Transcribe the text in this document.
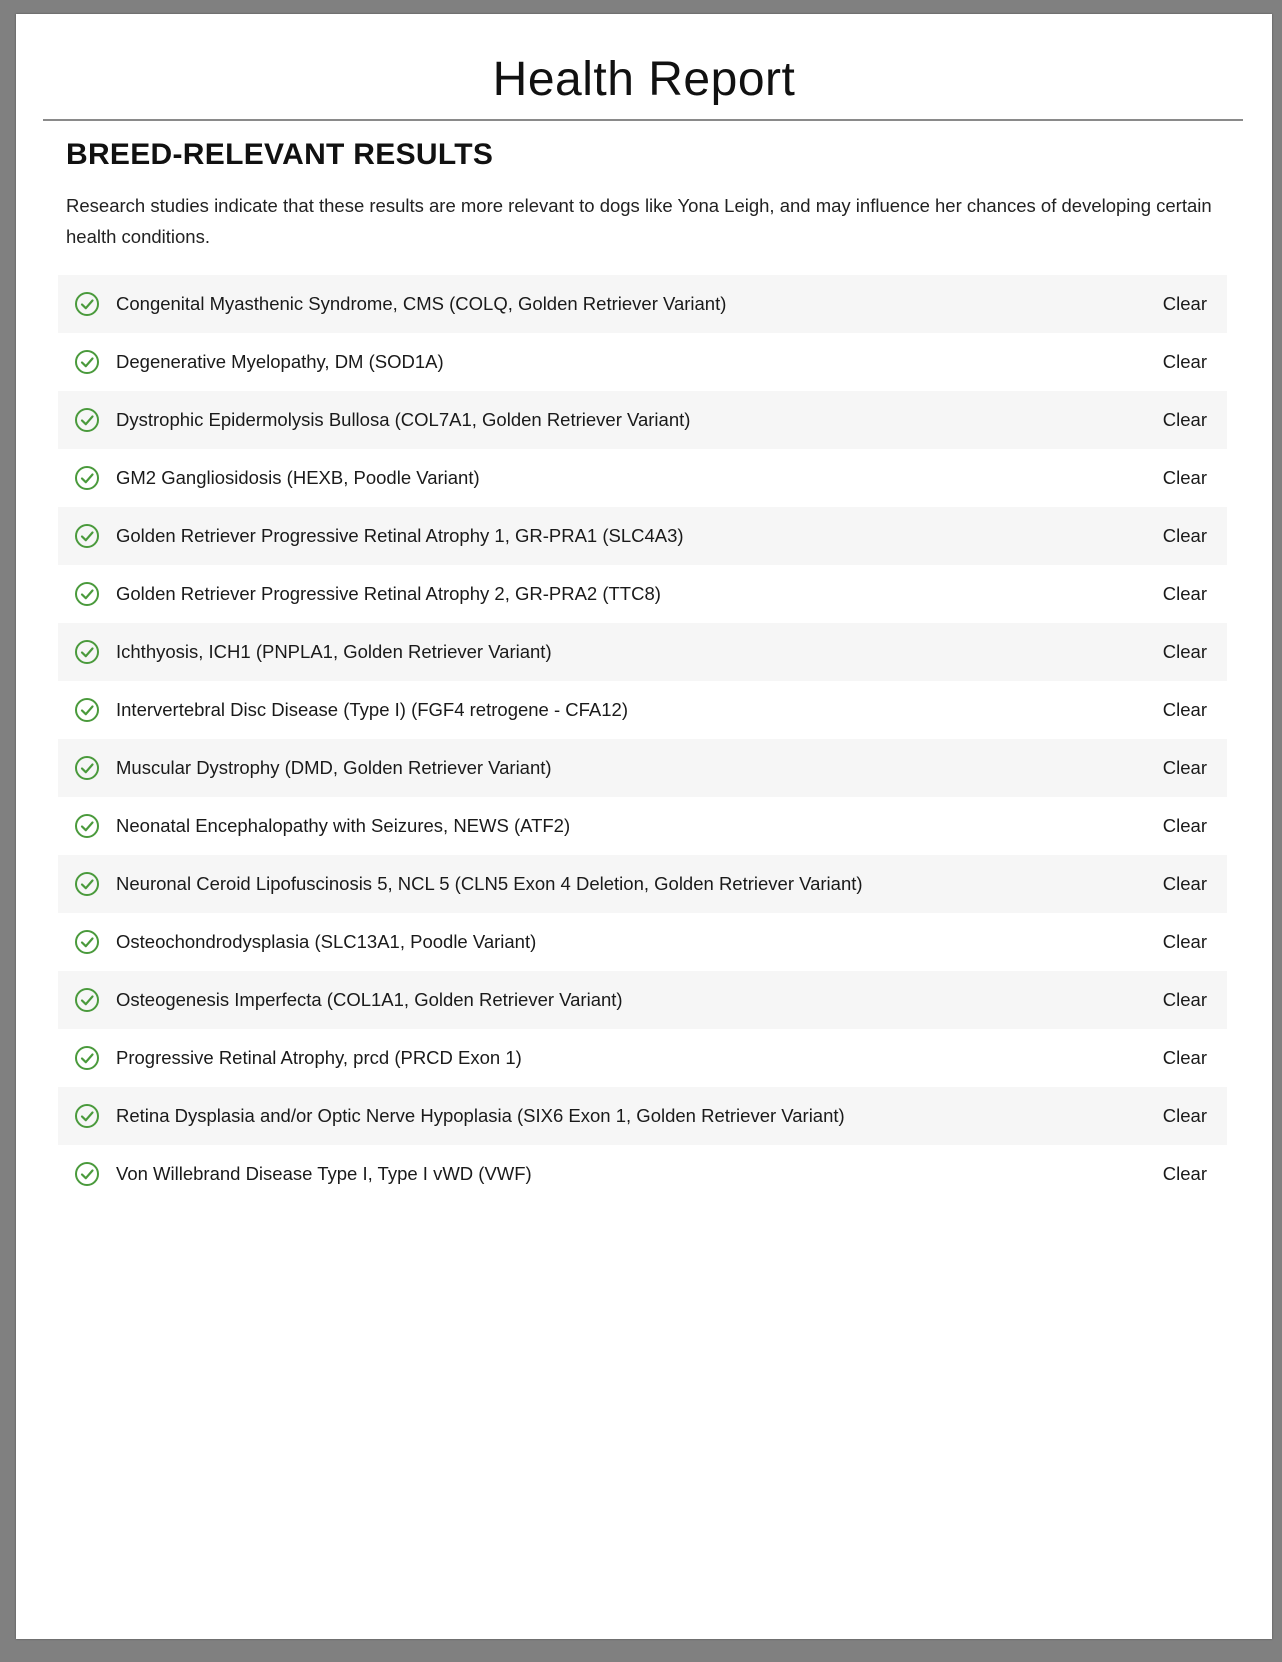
Health Report
BREED-RELEVANT RESULTS

Research studies indicate that these results are more relevant to dogs like Yona Leigh, and may influence her chances of developing certain health conditions.

Congenital Myasthenic Syndrome, CMS (COLQ, Golden Retriever Variant)	Clear
Degenerative Myelopathy, DM (SOD1A)	Clear
Dystrophic Epidermolysis Bullosa (COL7A1, Golden Retriever Variant)	Clear
GM2 Gangliosidosis (HEXB, Poodle Variant)	Clear
Golden Retriever Progressive Retinal Atrophy 1, GR-PRA1 (SLC4A3)	Clear
Golden Retriever Progressive Retinal Atrophy 2, GR-PRA2 (TTC8)	Clear
Ichthyosis, ICH1 (PNPLA1, Golden Retriever Variant)	Clear
Intervertebral Disc Disease (Type I) (FGF4 retrogene - CFA12)	Clear
Muscular Dystrophy (DMD, Golden Retriever Variant)	Clear
Neonatal Encephalopathy with Seizures, NEWS (ATF2)	Clear
Neuronal Ceroid Lipofuscinosis 5, NCL 5 (CLN5 Exon 4 Deletion, Golden Retriever Variant)	Clear
Osteochondrodysplasia (SLC13A1, Poodle Variant)	Clear
Osteogenesis Imperfecta (COL1A1, Golden Retriever Variant)	Clear
Progressive Retinal Atrophy, prcd (PRCD Exon 1)	Clear
Retina Dysplasia and/or Optic Nerve Hypoplasia (SIX6 Exon 1, Golden Retriever Variant)	Clear
Von Willebrand Disease Type I, Type I vWD (VWF)	Clear
